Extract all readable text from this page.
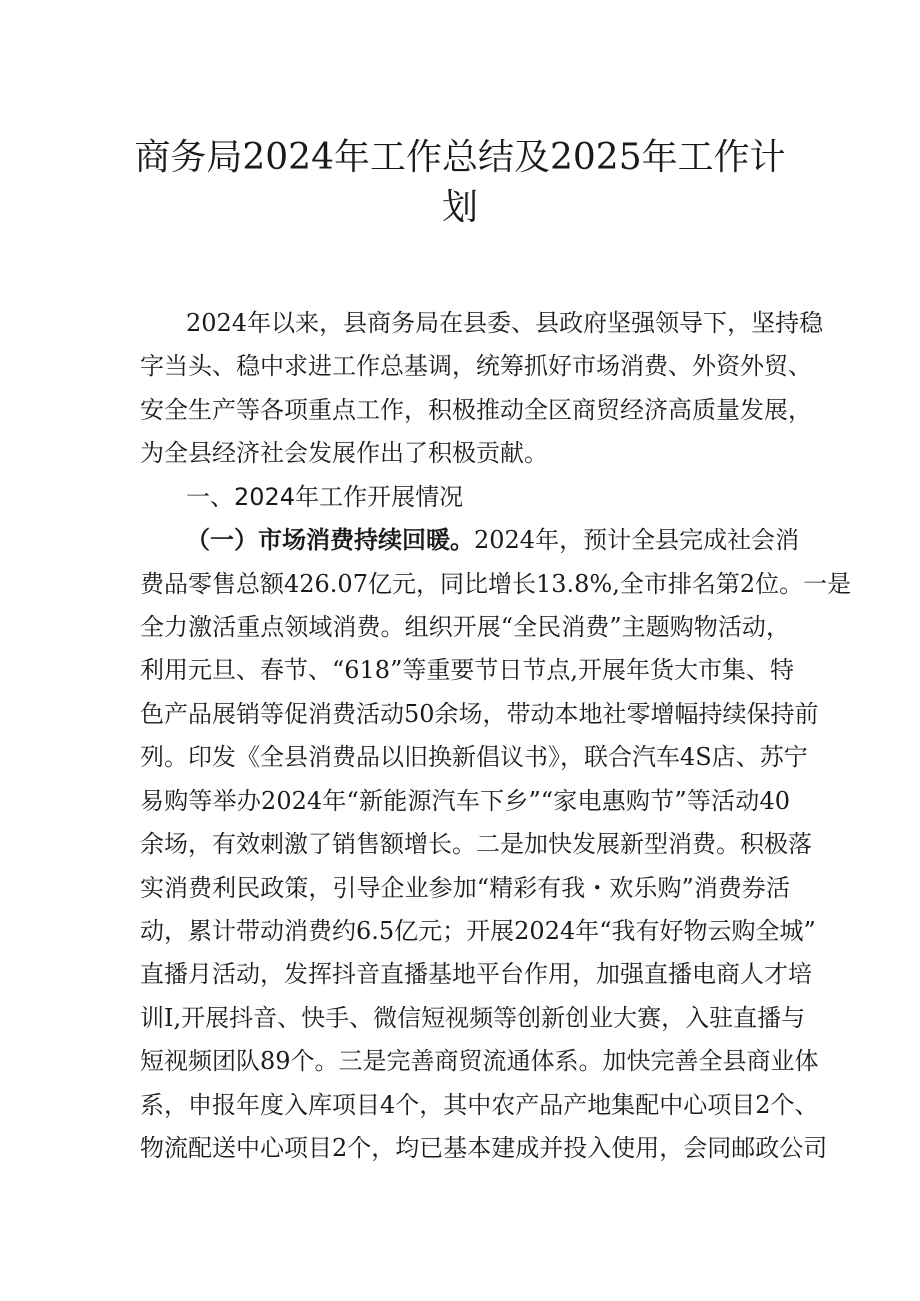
商务局2024年工作总结及2025年工作计
划
2024年以来，县商务局在县委、县政府坚强领导下，坚持稳
字当头、稳中求进工作总基调，统筹抓好市场消费、外资外贸、
安全生产等各项重点工作，积极推动全区商贸经济高质量发展，
为全县经济社会发展作出了积极贡献。
一、2024年工作开展情况
（一）市场消费持续回暖。2024年，预计全县完成社会消
费品零售总额426.07亿元，同比增长13.8%,全市排名第2位。一是
全力激活重点领域消费。组织开展“全民消费”主题购物活动，
利用元旦、春节、“618”等重要节日节点,开展年货大市集、特
色产品展销等促消费活动50余场，带动本地社零增幅持续保持前
列。印发《全县消费品以旧换新倡议书》，联合汽车4S店、苏宁
易购等举办2024年“新能源汽车下乡”“家电惠购节”等活动40
余场，有效刺激了销售额增长。二是加快发展新型消费。积极落
实消费利民政策，引导企业参加“精彩有我・欢乐购”消费券活
动，累计带动消费约6.5亿元；开展2024年“我有好物云购全城”
直播月活动，发挥抖音直播基地平台作用，加强直播电商人才培
训I,开展抖音、快手、微信短视频等创新创业大赛，入驻直播与
短视频团队89个。三是完善商贸流通体系。加快完善全县商业体
系，申报年度入库项目4个，其中农产品产地集配中心项目2个、
物流配送中心项目2个，均已基本建成并投入使用，会同邮政公司
